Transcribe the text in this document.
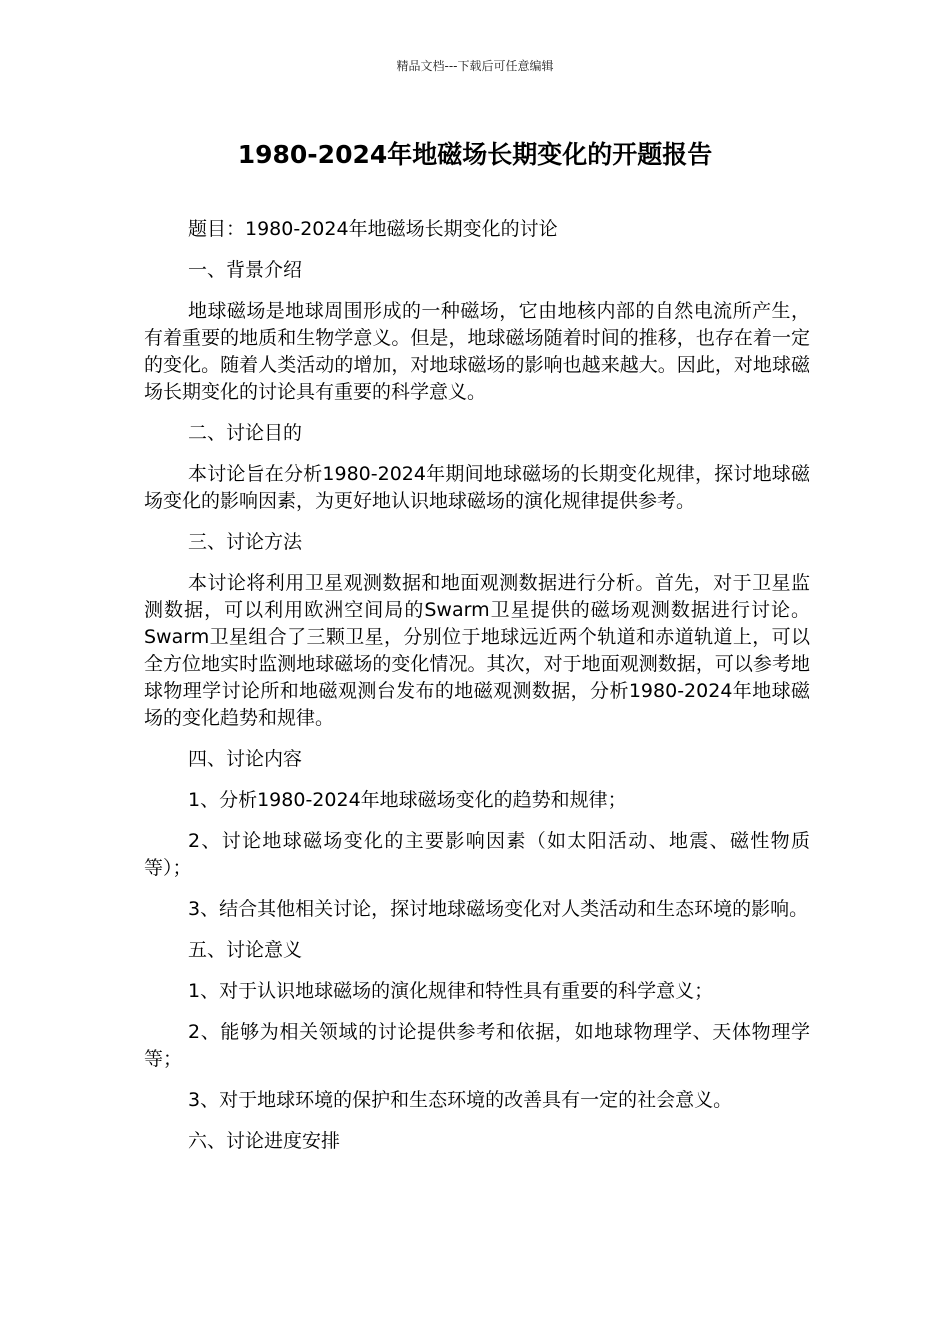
精品文档---下载后可任意编辑
1980-2024年地磁场长期变化的开题报告

题目：1980-2024年地磁场长期变化的讨论

一、背景介绍

地球磁场是地球周围形成的一种磁场，它由地核内部的自然电流所产生，有着重要的地质和生物学意义。但是，地球磁场随着时间的推移，也存在着一定的变化。随着人类活动的增加，对地球磁场的影响也越来越大。因此，对地球磁场长期变化的讨论具有重要的科学意义。

二、讨论目的

本讨论旨在分析1980-2024年期间地球磁场的长期变化规律，探讨地球磁场变化的影响因素，为更好地认识地球磁场的演化规律提供参考。

三、讨论方法

本讨论将利用卫星观测数据和地面观测数据进行分析。首先，对于卫星监测数据，可以利用欧洲空间局的Swarm卫星提供的磁场观测数据进行讨论。Swarm卫星组合了三颗卫星，分别位于地球远近两个轨道和赤道轨道上，可以全方位地实时监测地球磁场的变化情况。其次，对于地面观测数据，可以参考地球物理学讨论所和地磁观测台发布的地磁观测数据，分析1980-2024年地球磁场的变化趋势和规律。

四、讨论内容

1、分析1980-2024年地球磁场变化的趋势和规律；

2、讨论地球磁场变化的主要影响因素（如太阳活动、地震、磁性物质等）；

3、结合其他相关讨论，探讨地球磁场变化对人类活动和生态环境的影响。

五、讨论意义

1、对于认识地球磁场的演化规律和特性具有重要的科学意义；

2、能够为相关领域的讨论提供参考和依据，如地球物理学、天体物理学等；

3、对于地球环境的保护和生态环境的改善具有一定的社会意义。

六、讨论进度安排
